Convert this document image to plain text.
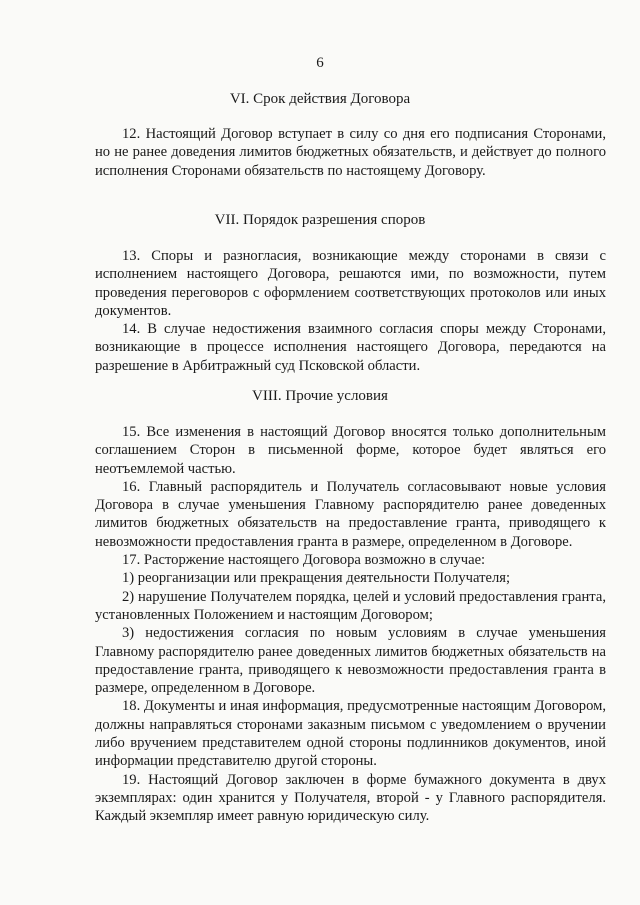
6
VI. Срок действия Договора

12. Настоящий Договор вступает в силу со дня его подписания Сторонами, но не ранее доведения лимитов бюджетных обязательств, и действует до полного исполнения Сторонами обязательств по настоящему Договору.

VII. Порядок разрешения споров

13. Споры и разногласия, возникающие между сторонами в связи с исполнением настоящего Договора, решаются ими, по возможности, путем проведения переговоров с оформлением соответствующих протоколов или иных документов.

14. В случае недостижения взаимного согласия споры между Сторонами, возникающие в процессе исполнения настоящего Договора, передаются на разрешение в Арбитражный суд Псковской области.

VIII. Прочие условия

15. Все изменения в настоящий Договор вносятся только дополнительным соглашением Сторон в письменной форме, которое будет являться его неотъемлемой частью.

16. Главный распорядитель и Получатель согласовывают новые условия Договора в случае уменьшения Главному распорядителю ранее доведенных лимитов бюджетных обязательств на предоставление гранта, приводящего к невозможности предоставления гранта в размере, определенном в Договоре.

17. Расторжение настоящего Договора возможно в случае:

1) реорганизации или прекращения деятельности Получателя;

2) нарушение Получателем порядка, целей и условий предоставления гранта, установленных Положением и настоящим Договором;

3) недостижения согласия по новым условиям в случае уменьшения Главному распорядителю ранее доведенных лимитов бюджетных обязательств на предоставление гранта, приводящего к невозможности предоставления гранта в размере, определенном в Договоре.

18. Документы и иная информация, предусмотренные настоящим Договором, должны направляться сторонами заказным письмом с уведомлением о вручении либо вручением представителем одной стороны подлинников документов, иной информации представителю другой стороны.

19. Настоящий Договор заключен в форме бумажного документа в двух экземплярах: один хранится у Получателя, второй - у Главного распорядителя. Каждый экземпляр имеет равную юридическую силу.
